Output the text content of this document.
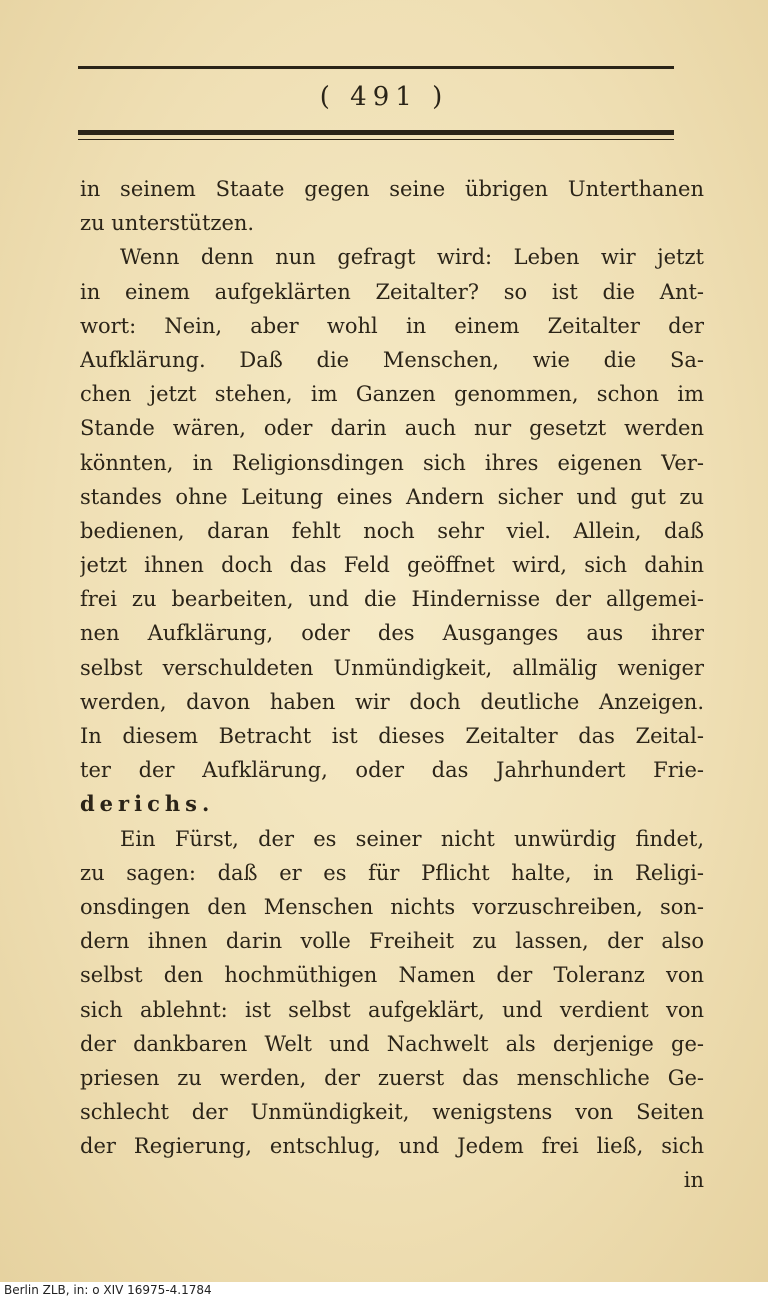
( 491 )
in seinem Staate gegen seine übrigen Unterthanen
zu unterstützen.
Wenn denn nun gefragt wird: Leben wir jetzt
in einem aufgeklärten Zeitalter? so ist die Ant-
wort: Nein, aber wohl in einem Zeitalter der
Aufklärung. Daß die Menschen, wie die Sa-
chen jetzt stehen, im Ganzen genommen, schon im
Stande wären, oder darin auch nur gesetzt werden
könnten, in Religionsdingen sich ihres eigenen Ver-
standes ohne Leitung eines Andern sicher und gut zu
bedienen, daran fehlt noch sehr viel. Allein, daß
jetzt ihnen doch das Feld geöffnet wird, sich dahin
frei zu bearbeiten, und die Hindernisse der allgemei-
nen Aufklärung, oder des Ausganges aus ihrer
selbst verschuldeten Unmündigkeit, allmälig weniger
werden, davon haben wir doch deutliche Anzeigen.
In diesem Betracht ist dieses Zeitalter das Zeital-
ter der Aufklärung, oder das Jahrhundert Frie-
derichs.
Ein Fürst, der es seiner nicht unwürdig findet,
zu sagen: daß er es für Pflicht halte, in Religi-
onsdingen den Menschen nichts vorzuschreiben, son-
dern ihnen darin volle Freiheit zu lassen, der also
selbst den hochmüthigen Namen der Toleranz von
sich ablehnt: ist selbst aufgeklärt, und verdient von
der dankbaren Welt und Nachwelt als derjenige ge-
priesen zu werden, der zuerst das menschliche Ge-
schlecht der Unmündigkeit, wenigstens von Seiten
der Regierung, entschlug, und Jedem frei ließ, sich
in
Berlin ZLB, in: o XIV 16975-4.1784
